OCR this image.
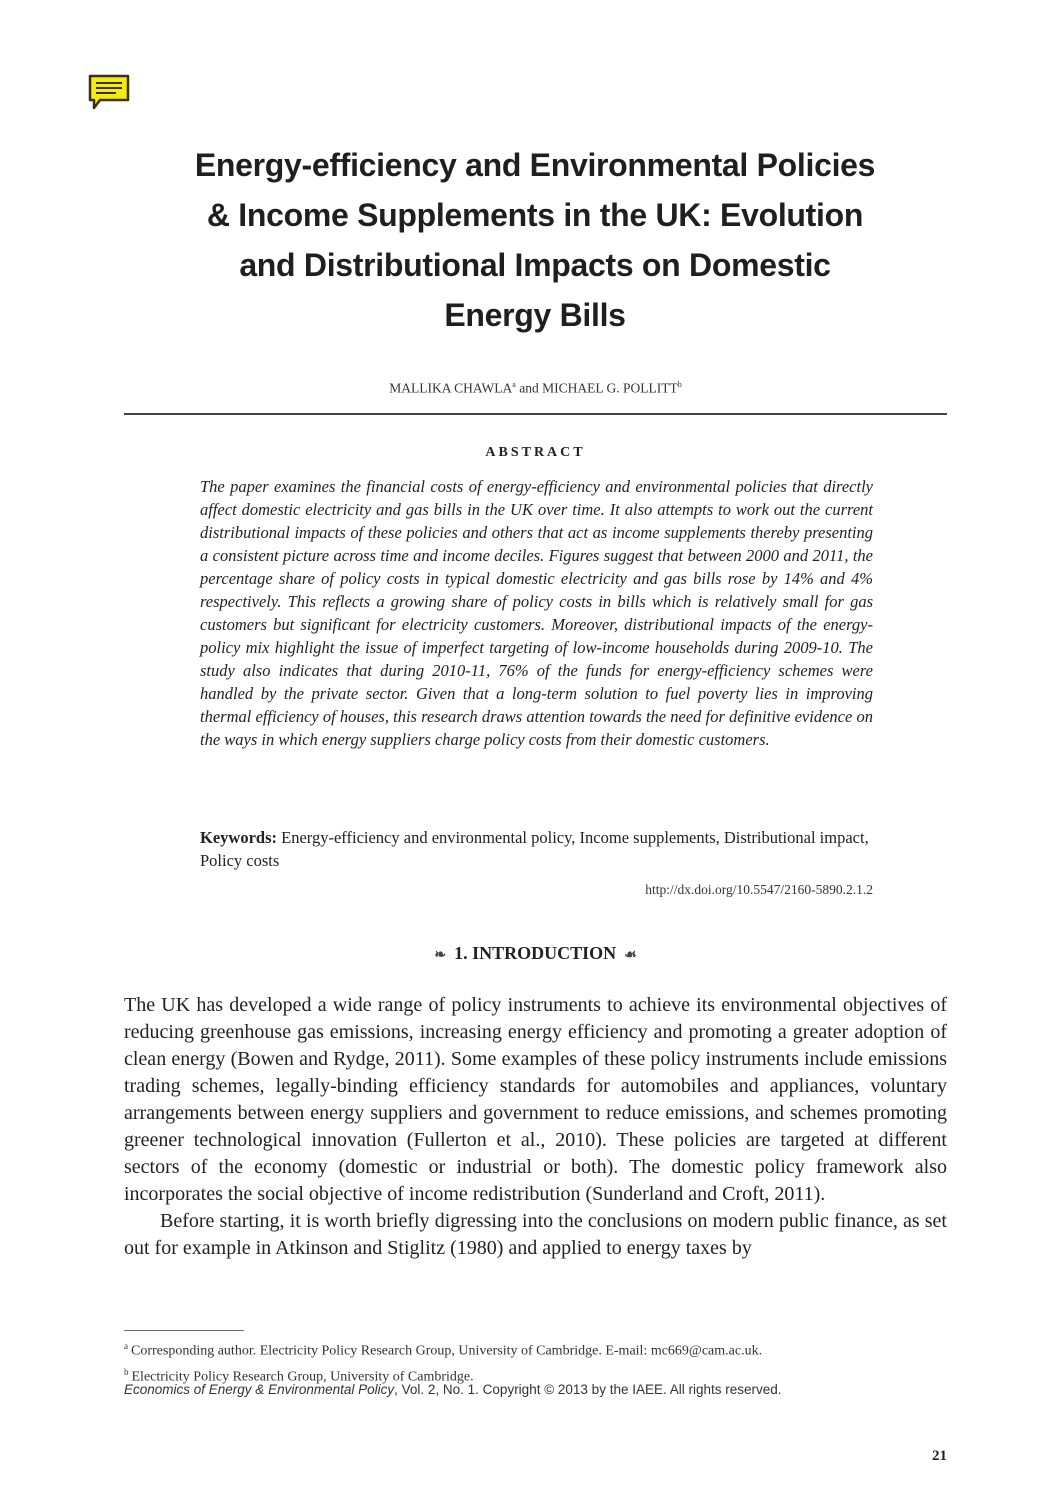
Energy-efficiency and Environmental Policies
& Income Supplements in the UK: Evolution
and Distributional Impacts on Domestic
Energy Bills
MALLIKA CHAWLA$^a$ and MICHAEL G. POLLITT$^b$
ABSTRACT
The paper examines the financial costs of energy-efficiency and environmental policies that directly affect domestic electricity and gas bills in the UK over time. It also attempts to work out the current distributional impacts of these policies and others that act as income supplements thereby presenting a consistent picture across time and income deciles. Figures suggest that between 2000 and 2011, the percentage share of policy costs in typical domestic electricity and gas bills rose by 14% and 4% respectively. This reflects a growing share of policy costs in bills which is relatively small for gas customers but significant for electricity customers. Moreover, distributional impacts of the energy-policy mix highlight the issue of imperfect targeting of low-income households during 2009-10. The study also indicates that during 2010-11, 76% of the funds for energy-efficiency schemes were handled by the private sector. Given that a long-term solution to fuel poverty lies in improving thermal efficiency of houses, this research draws attention towards the need for definitive evidence on the ways in which energy suppliers charge policy costs from their domestic customers.
Keywords: Energy-efficiency and environmental policy, Income supplements, Distributional impact, Policy costs
http://dx.doi.org/10.5547/2160-5890.2.1.2
❧ 1. INTRODUCTION ☙

The UK has developed a wide range of policy instruments to achieve its environmental objectives of reducing greenhouse gas emissions, increasing energy efficiency and promoting a greater adoption of clean energy (Bowen and Rydge, 2011). Some examples of these policy instruments include emissions trading schemes, legally-binding efficiency standards for automobiles and appliances, voluntary arrangements between energy suppliers and government to reduce emissions, and schemes promoting greener technological innovation (Fullerton et al., 2010). These policies are targeted at different sectors of the economy (domestic or industrial or both). The domestic policy framework also incorporates the social objective of income redistribution (Sunderland and Croft, 2011).

Before starting, it is worth briefly digressing into the conclusions on modern public finance, as set out for example in Atkinson and Stiglitz (1980) and applied to energy taxes by

$^a$ Corresponding author. Electricity Policy Research Group, University of Cambridge. E-mail: mc669@cam.ac.uk.
$^b$ Electricity Policy Research Group, University of Cambridge.
Economics of Energy & Environmental Policy, Vol. 2, No. 1. Copyright © 2013 by the IAEE. All rights reserved.
21
